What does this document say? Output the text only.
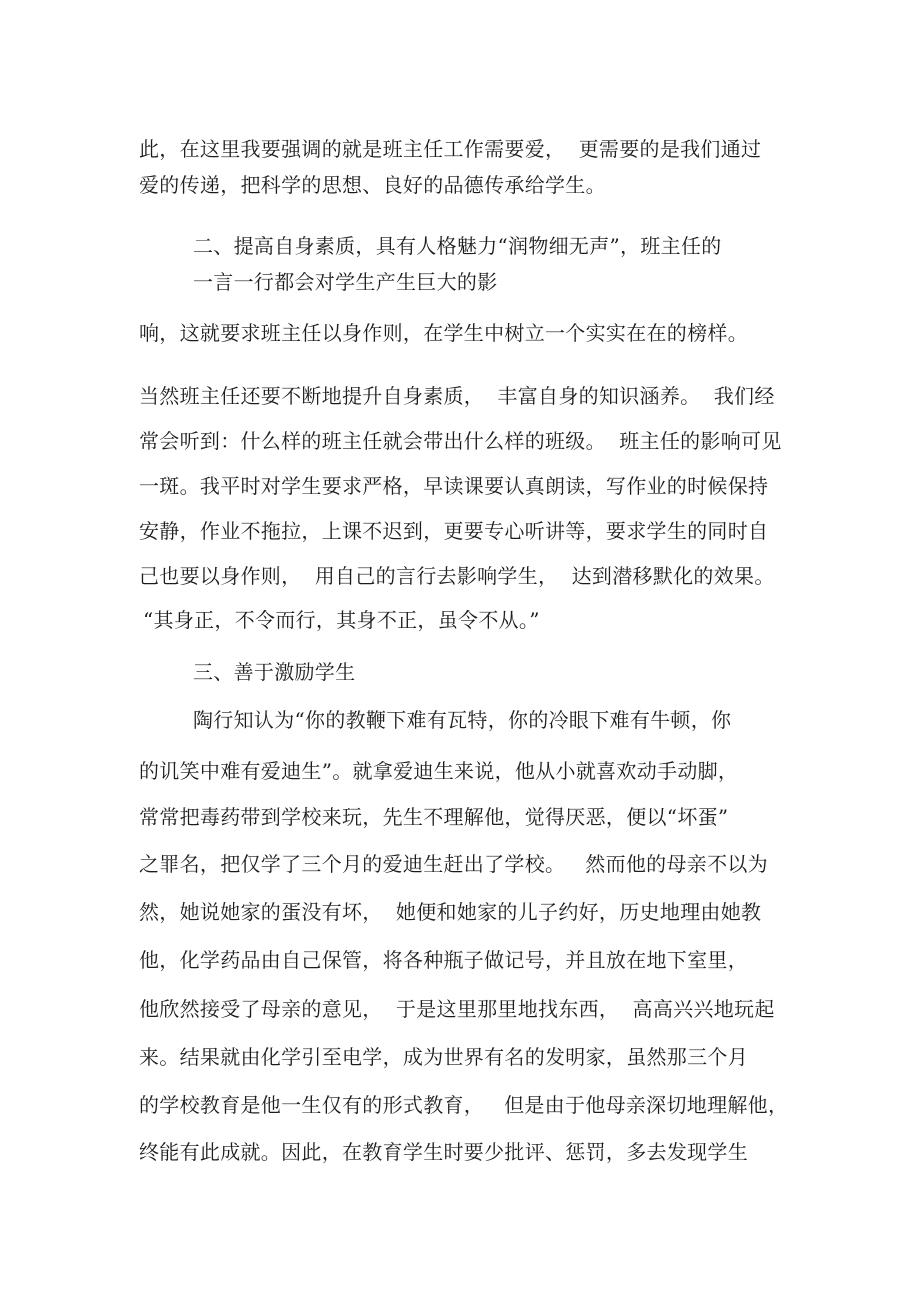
此，在这里我要强调的就是班主任工作需要爱，  更需要的是我们通过

爱的传递，把科学的思想、良好的品德传承给学生。

二、提高自身素质，具有人格魅力“润物细无声”，班主任的

一言一行都会对学生产生巨大的影

响，这就要求班主任以身作则，在学生中树立一个实实在在的榜样。

当然班主任还要不断地提升自身素质，  丰富自身的知识涵养。  我们经

常会听到：什么样的班主任就会带出什么样的班级。  班主任的影响可见

一斑。我平时对学生要求严格，早读课要认真朗读，写作业的时候保持

安静，作业不拖拉，上课不迟到，更要专心听讲等，要求学生的同时自

己也要以身作则，  用自己的言行去影响学生，  达到潜移默化的效果。

“其身正，不令而行，其身不正，虽令不从。”

三、善于激励学生

陶行知认为“你的教鞭下难有瓦特，你的冷眼下难有牛顿，你

的讥笑中难有爱迪生”。就拿爱迪生来说，他从小就喜欢动手动脚，

常常把毒药带到学校来玩，先生不理解他，觉得厌恶，便以“坏蛋”

之罪名，把仅学了三个月的爱迪生赶出了学校。   然而他的母亲不以为

然，她说她家的蛋没有坏，  她便和她家的儿子约好，历史地理由她教

他，化学药品由自己保管，将各种瓶子做记号，并且放在地下室里，

他欣然接受了母亲的意见，  于是这里那里地找东西，  高高兴兴地玩起

来。结果就由化学引至电学，成为世界有名的发明家，虽然那三个月

的学校教育是他一生仅有的形式教育，   但是由于他母亲深切地理解他，

终能有此成就。因此，在教育学生时要少批评、惩罚，多去发现学生
